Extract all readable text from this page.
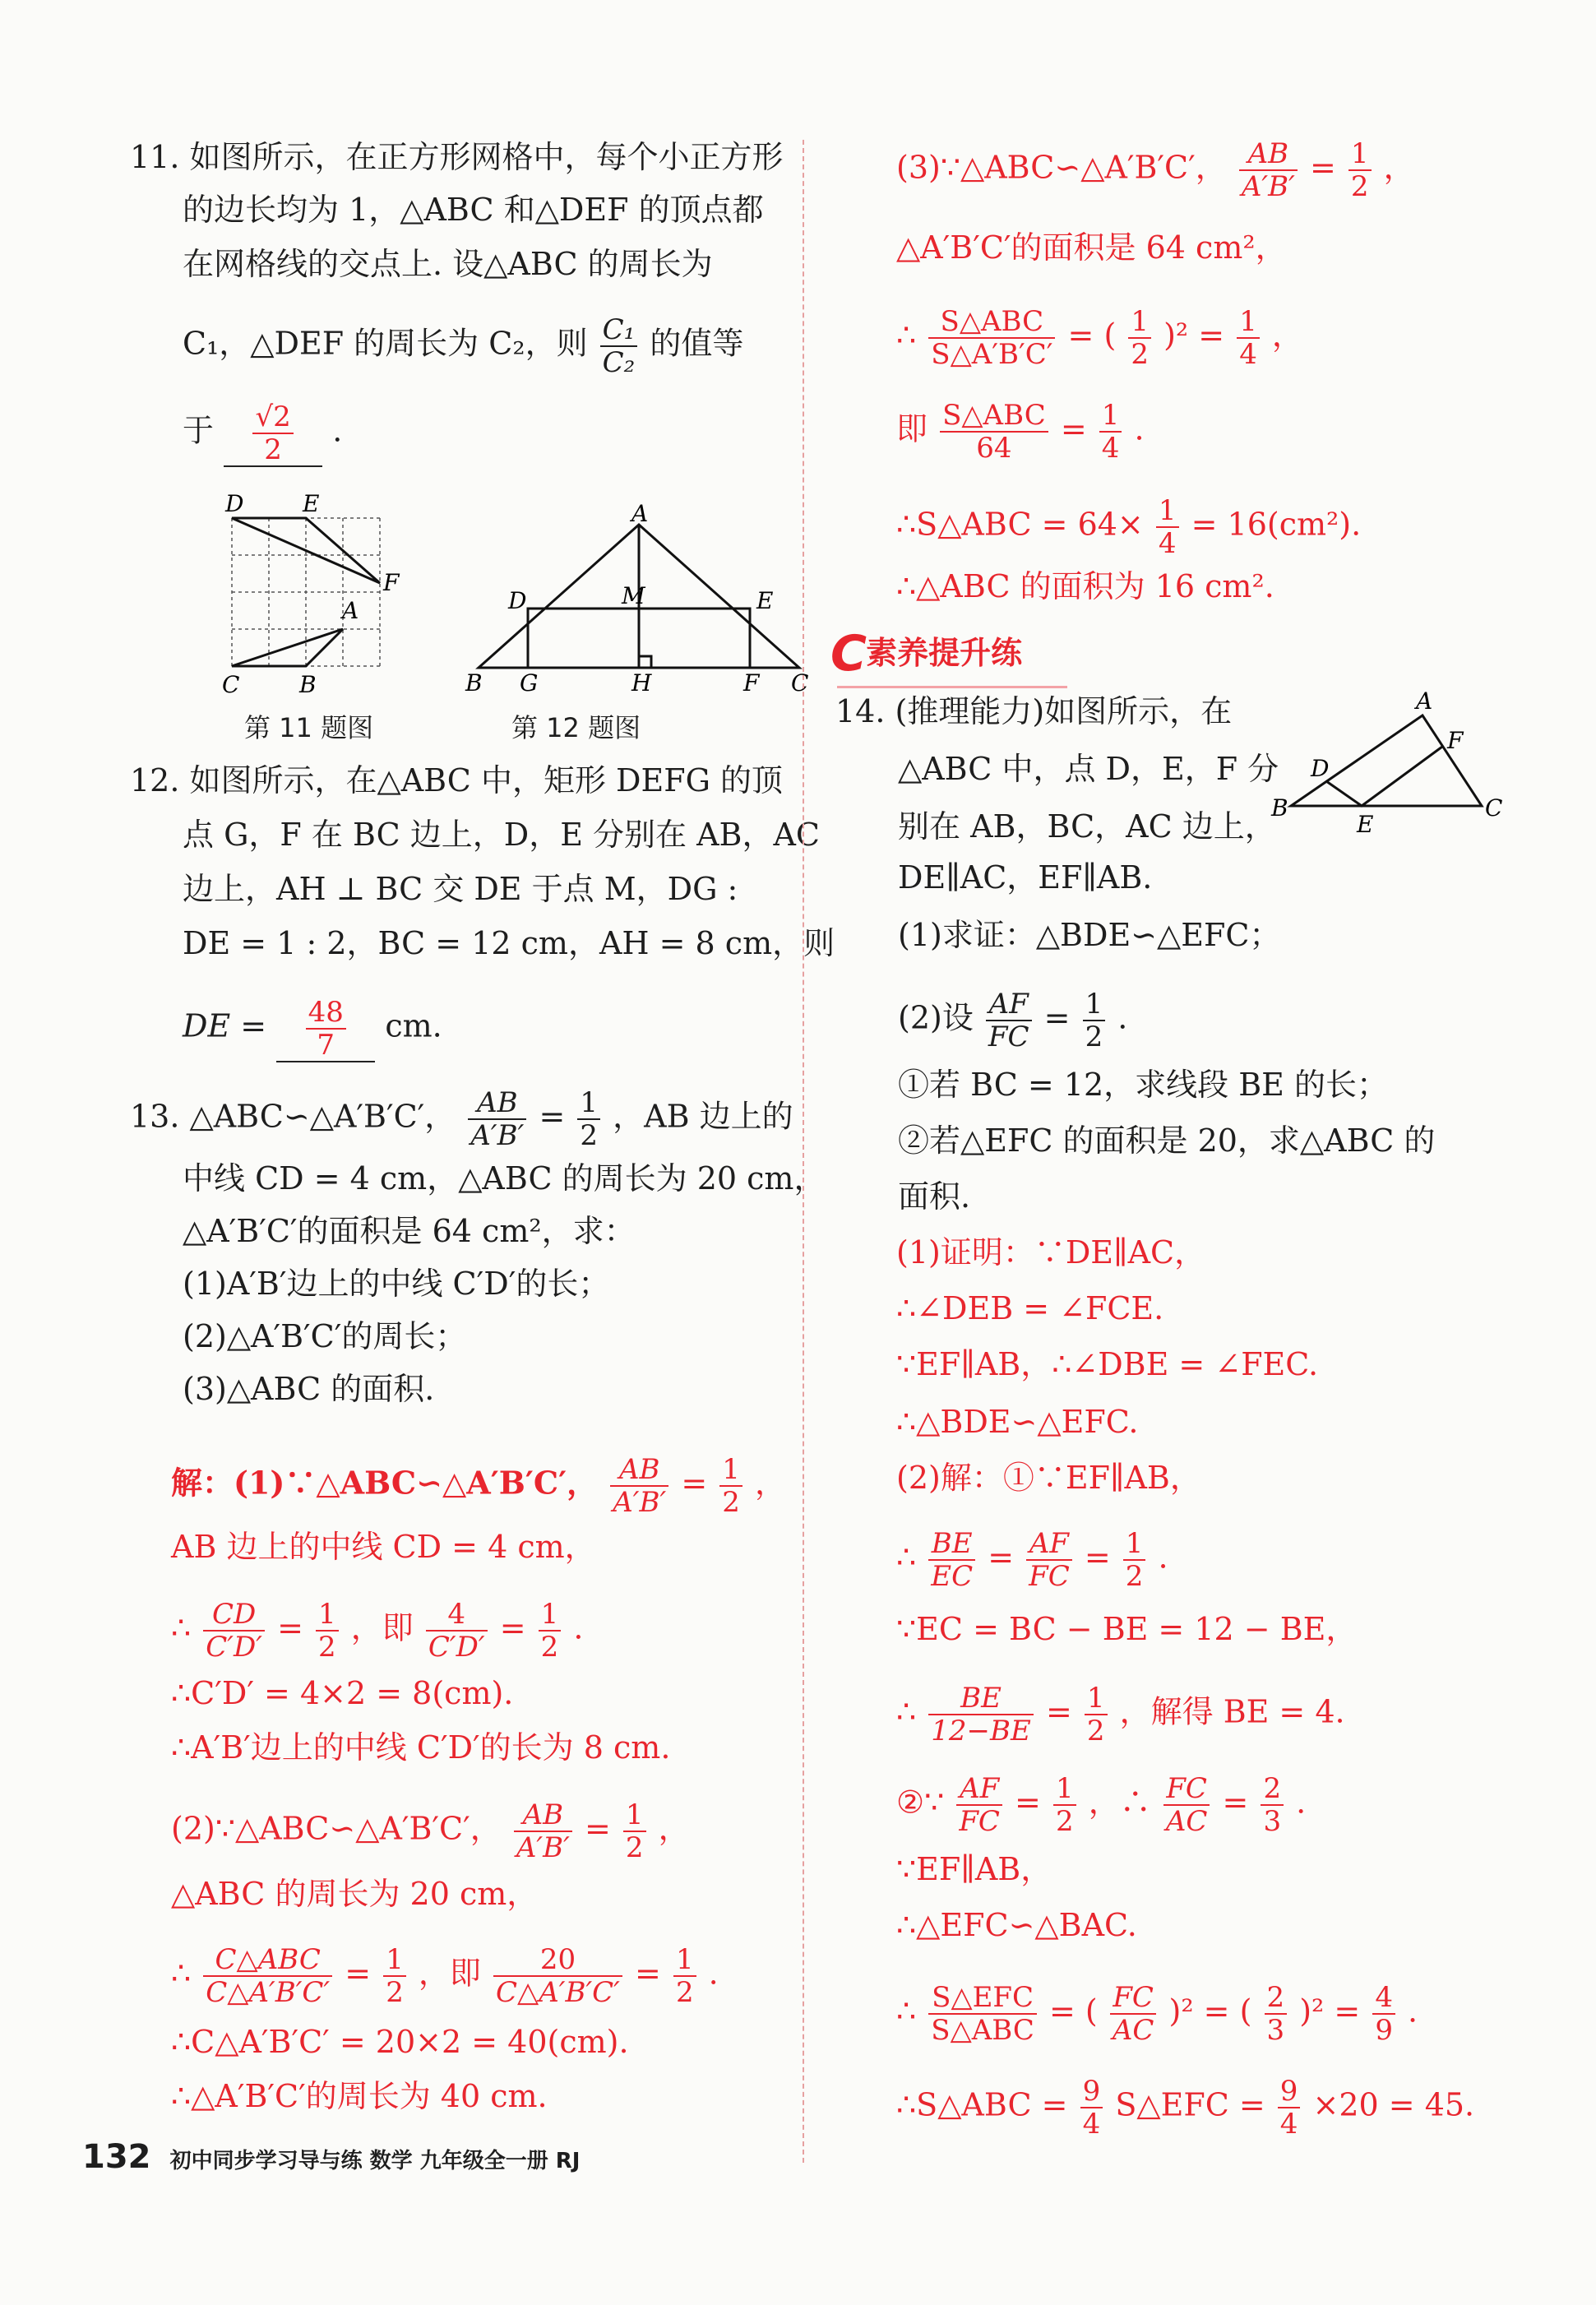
11. 如图所示，在正方形网格中，每个小正方形
的边长均为 1，△ABC 和△DEF 的顶点都
在网格线的交点上. 设△ABC 的周长为
C₁，△DEF 的周长为 C₂，则 $\frac{\text{C₁}}{\text{C₂}}$ 的值等
于 $\frac{√2}{2}$ .
D	E
F
A
C	B
第 11 题图
A
D	M	E
B G	H	F C
第 12 题图
12. 如图所示，在△ABC 中，矩形 DEFG 的顶
点 G，F 在 BC 边上，D，E 分别在 AB，AC
边上，AH ⊥ BC 交 DE 于点 M，DG :
DE = 1 : 2，BC = 12 cm，AH = 8 cm，则
DE = $\frac{48}{7}$ cm.
13. △ABC∽△A′B′C′， $\frac{AB}{A'B'} = \frac{1}{2}$ ，AB 边上的
中线 CD = 4 cm，△ABC 的周长为 20 cm，
△A′B′C′的面积是 64 cm²，求：
(1)A′B′边上的中线 C′D′的长；
(2)△A′B′C′的周长；
(3)△ABC 的面积.
解：(1)∵△ABC∽△A′B′C′， $\frac{AB}{A'B'} = \frac{1}{2}$ ，
AB 边上的中线 CD = 4 cm，
∴ $\frac{CD}{C'D'} = \frac{1}{2}$ ，即 $\frac{4}{C'D'} = \frac{1}{2}$ .
∴C′D′ = 4×2 = 8(cm).
∴A′B′边上的中线 C′D′的长为 8 cm.
(2)∵△ABC∽△A′B′C′， $\frac{AB}{A'B'} = \frac{1}{2}$ ，
△ABC 的周长为 20 cm，
∴ $\frac{\text{C△ABC}}{C\triangle A'B'C'} = \frac{1}{2}$ ，即 $\frac{20}{C\triangle A'B'C'} = \frac{1}{2}$ .
∴C△A′B′C′ = 20×2 = 40(cm).
∴△A′B′C′的周长为 40 cm.
(3)∵△ABC∽△A′B′C′， $\frac{AB}{A'B'} = \frac{1}{2}$ ，
△A′B′C′的面积是 64 cm²，
∴ $\frac{\text{S△ABC}}{S\triangle A'B'C'}$ = ( $\frac{1}{2} )^2 = \frac{1}{4}$ ，
即 $\frac{\text{S△ABC}}{64} = \frac{1}{4}$ .
∴S△ABC = $64\times \frac{1}{4} = 16(cm^2)$.
∴△ABC 的面积为 16 cm².
14. (推理能力)如图所示，在
△ABC 中，点 D，E，F 分
别在 AB，BC，AC 边上，
DE∥AC，EF∥AB.
(1)求证：△BDE∽△EFC；
(2)设 $\frac{AF}{FC} = \frac{1}{2}$ .
①若 BC = 12，求线段 BE 的长；
②若△EFC 的面积是 20，求△ABC 的
面积.
(1)证明：∵DE∥AC，
∴∠DEB = ∠FCE.
∵EF∥AB，∴∠DBE = ∠FEC.
∴△BDE∽△EFC.
(2)解：①∵EF∥AB，
∴ $\frac{BE}{EC} = \frac{AF}{FC} = \frac{1}{2}$ .
∵EC = BC − BE = 12 − BE，
∴ $\frac{BE}{12-BE} = \frac{1}{2}$ ，解得 BE = 4.
②∵ $\frac{AF}{FC} = \frac{1}{2}$ ，∴ $\frac{FC}{AC} = \frac{2}{3}$ .
∵EF∥AB，
∴△EFC∽△BAC.
∴ $\frac{\text{S△EFC}}{\text{S△ABC}}$ = ( $\frac{FC}{AC} )^2$ = ( $\frac{2}{3} )^2 = \frac{4}{9}$ .
∴S△ABC = $\frac{9}{4}$ S△EFC = $\frac{9}{4} \times 20 = 45$.
A
F
D
B
E
C
C 素养提升练
132 初中同步学习导与练 数学 九年级全一册 RJ
